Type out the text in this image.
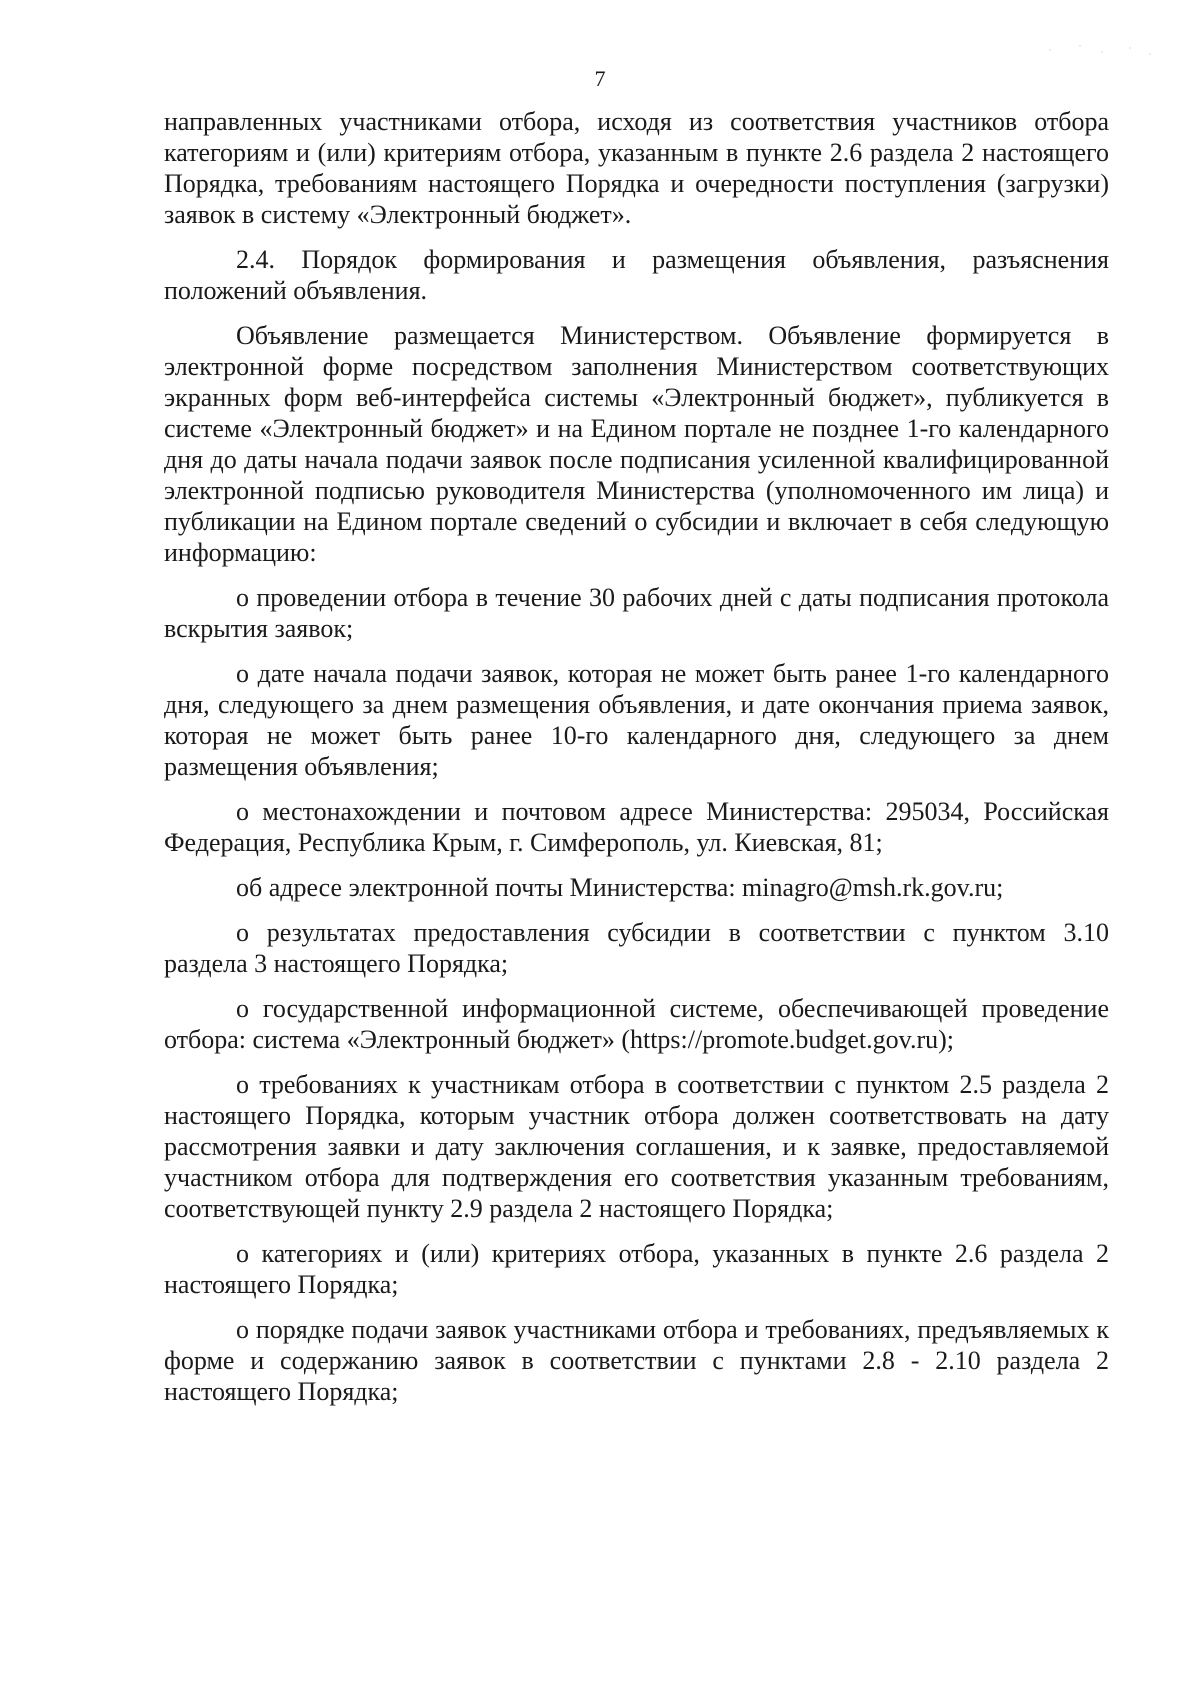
7

направленных участниками отбора, исходя из соответствия участников отбора категориям и (или) критериям отбора, указанным в пункте 2.6 раздела 2 настоящего Порядка, требованиям настоящего Порядка и очередности поступления (загрузки) заявок в систему «Электронный бюджет».

2.4. Порядок формирования и размещения объявления, разъяснения положений объявления.

Объявление размещается Министерством. Объявление формируется в электронной форме посредством заполнения Министерством соответствующих экранных форм веб-интерфейса системы «Электронный бюджет», публикуется в системе «Электронный бюджет» и на Едином портале не позднее 1-го календарного дня до даты начала подачи заявок после подписания усиленной квалифицированной электронной подписью руководителя Министерства (уполномоченного им лица) и публикации на Едином портале сведений о субсидии и включает в себя следующую информацию:

о проведении отбора в течение 30 рабочих дней с даты подписания протокола вскрытия заявок;

о дате начала подачи заявок, которая не может быть ранее 1-го календарного дня, следующего за днем размещения объявления, и дате окончания приема заявок, которая не может быть ранее 10-го календарного дня, следующего за днем размещения объявления;

о местонахождении и почтовом адресе Министерства: 295034, Российская Федерация, Республика Крым, г. Симферополь, ул. Киевская, 81;

об адресе электронной почты Министерства: minagro@msh.rk.gov.ru;

о результатах предоставления субсидии в соответствии с пунктом 3.10 раздела 3 настоящего Порядка;

о государственной информационной системе, обеспечивающей проведение отбора: система «Электронный бюджет» (https://promote.budget.gov.ru);

о требованиях к участникам отбора в соответствии с пунктом 2.5 раздела 2 настоящего Порядка, которым участник отбора должен соответствовать на дату рассмотрения заявки и дату заключения соглашения, и к заявке, предоставляемой участником отбора для подтверждения его соответствия указанным требованиям, соответствующей пункту 2.9 раздела 2 настоящего Порядка;

о категориях и (или) критериях отбора, указанных в пункте 2.6 раздела 2 настоящего Порядка;

о порядке подачи заявок участниками отбора и требованиях, предъявляемых к форме и содержанию заявок в соответствии с пунктами 2.8 - 2.10 раздела 2 настоящего Порядка;
